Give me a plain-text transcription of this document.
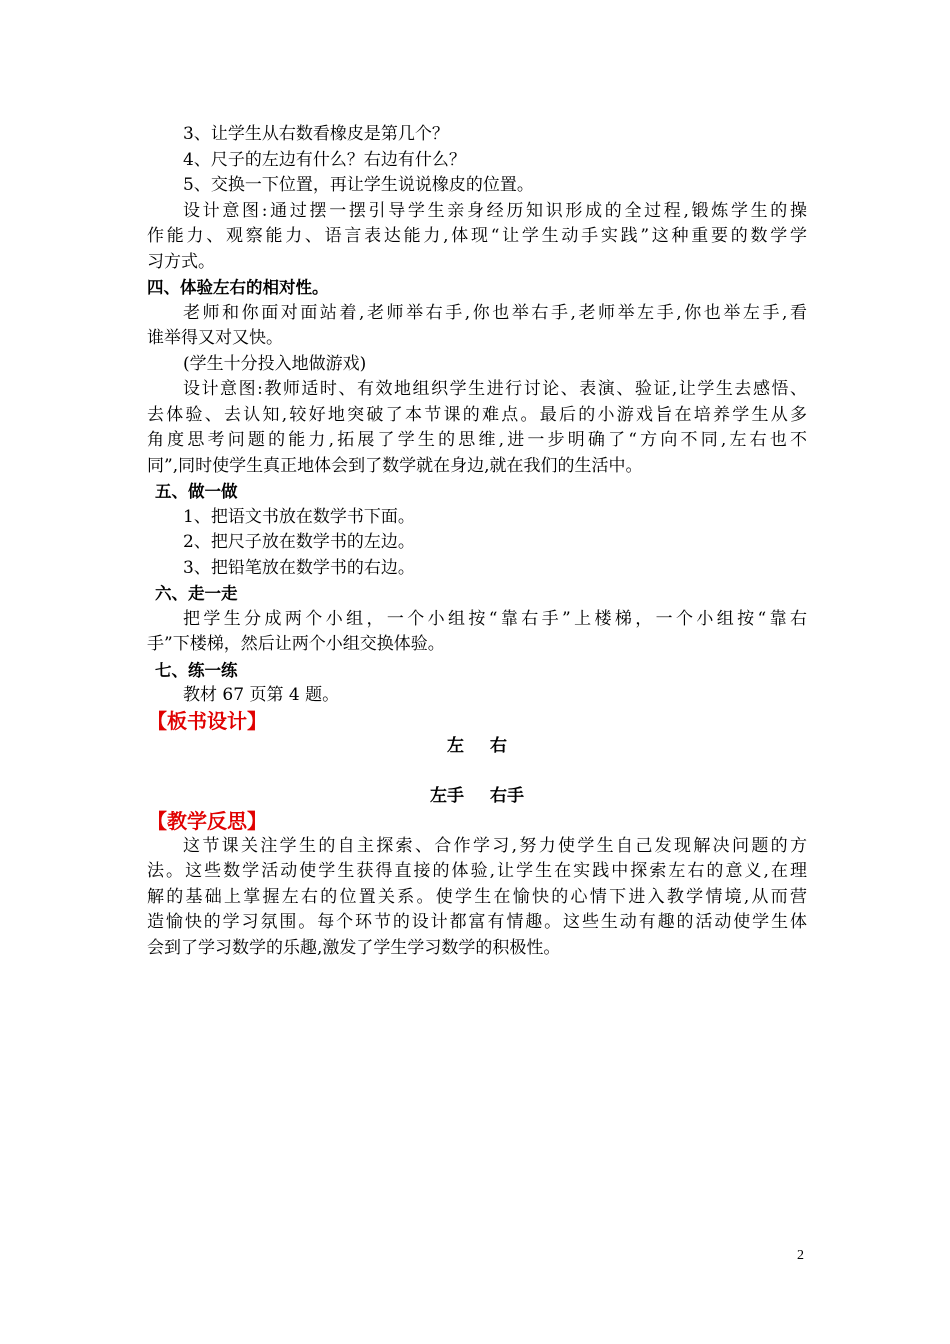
3、让学生从右数看橡皮是第几个？
4、尺子的左边有什么？右边有什么？
5、交换一下位置，再让学生说说橡皮的位置。
设计意图:通过摆一摆引导学生亲身经历知识形成的全过程,锻炼学生的操
作能力、观察能力、语言表达能力,体现“让学生动手实践”这种重要的数学学
习方式。
四、体验左右的相对性。
老师和你面对面站着,老师举右手,你也举右手,老师举左手,你也举左手,看
谁举得又对又快。
(学生十分投入地做游戏)
设计意图:教师适时、有效地组织学生进行讨论、表演、验证,让学生去感悟、
去体验、去认知,较好地突破了本节课的难点。最后的小游戏旨在培养学生从多
角度思考问题的能力,拓展了学生的思维,进一步明确了“方向不同,左右也不
同”,同时使学生真正地体会到了数学就在身边,就在我们的生活中。
五、做一做
1、把语文书放在数学书下面。
2、把尺子放在数学书的左边。
3、把铅笔放在数学书的右边。
六、走一走
把学生分成两个小组，一个小组按“靠右手”上楼梯，一个小组按“靠右
手”下楼梯，然后让两个小组交换体验。
七、练一练
教材 67 页第 4 题。
【板书设计】
左 右
左手 右手
【教学反思】
这节课关注学生的自主探索、合作学习,努力使学生自己发现解决问题的方
法。这些数学活动使学生获得直接的体验,让学生在实践中探索左右的意义,在理
解的基础上掌握左右的位置关系。使学生在愉快的心情下进入教学情境,从而营
造愉快的学习氛围。每个环节的设计都富有情趣。这些生动有趣的活动使学生体
会到了学习数学的乐趣,激发了学生学习数学的积极性。
2
